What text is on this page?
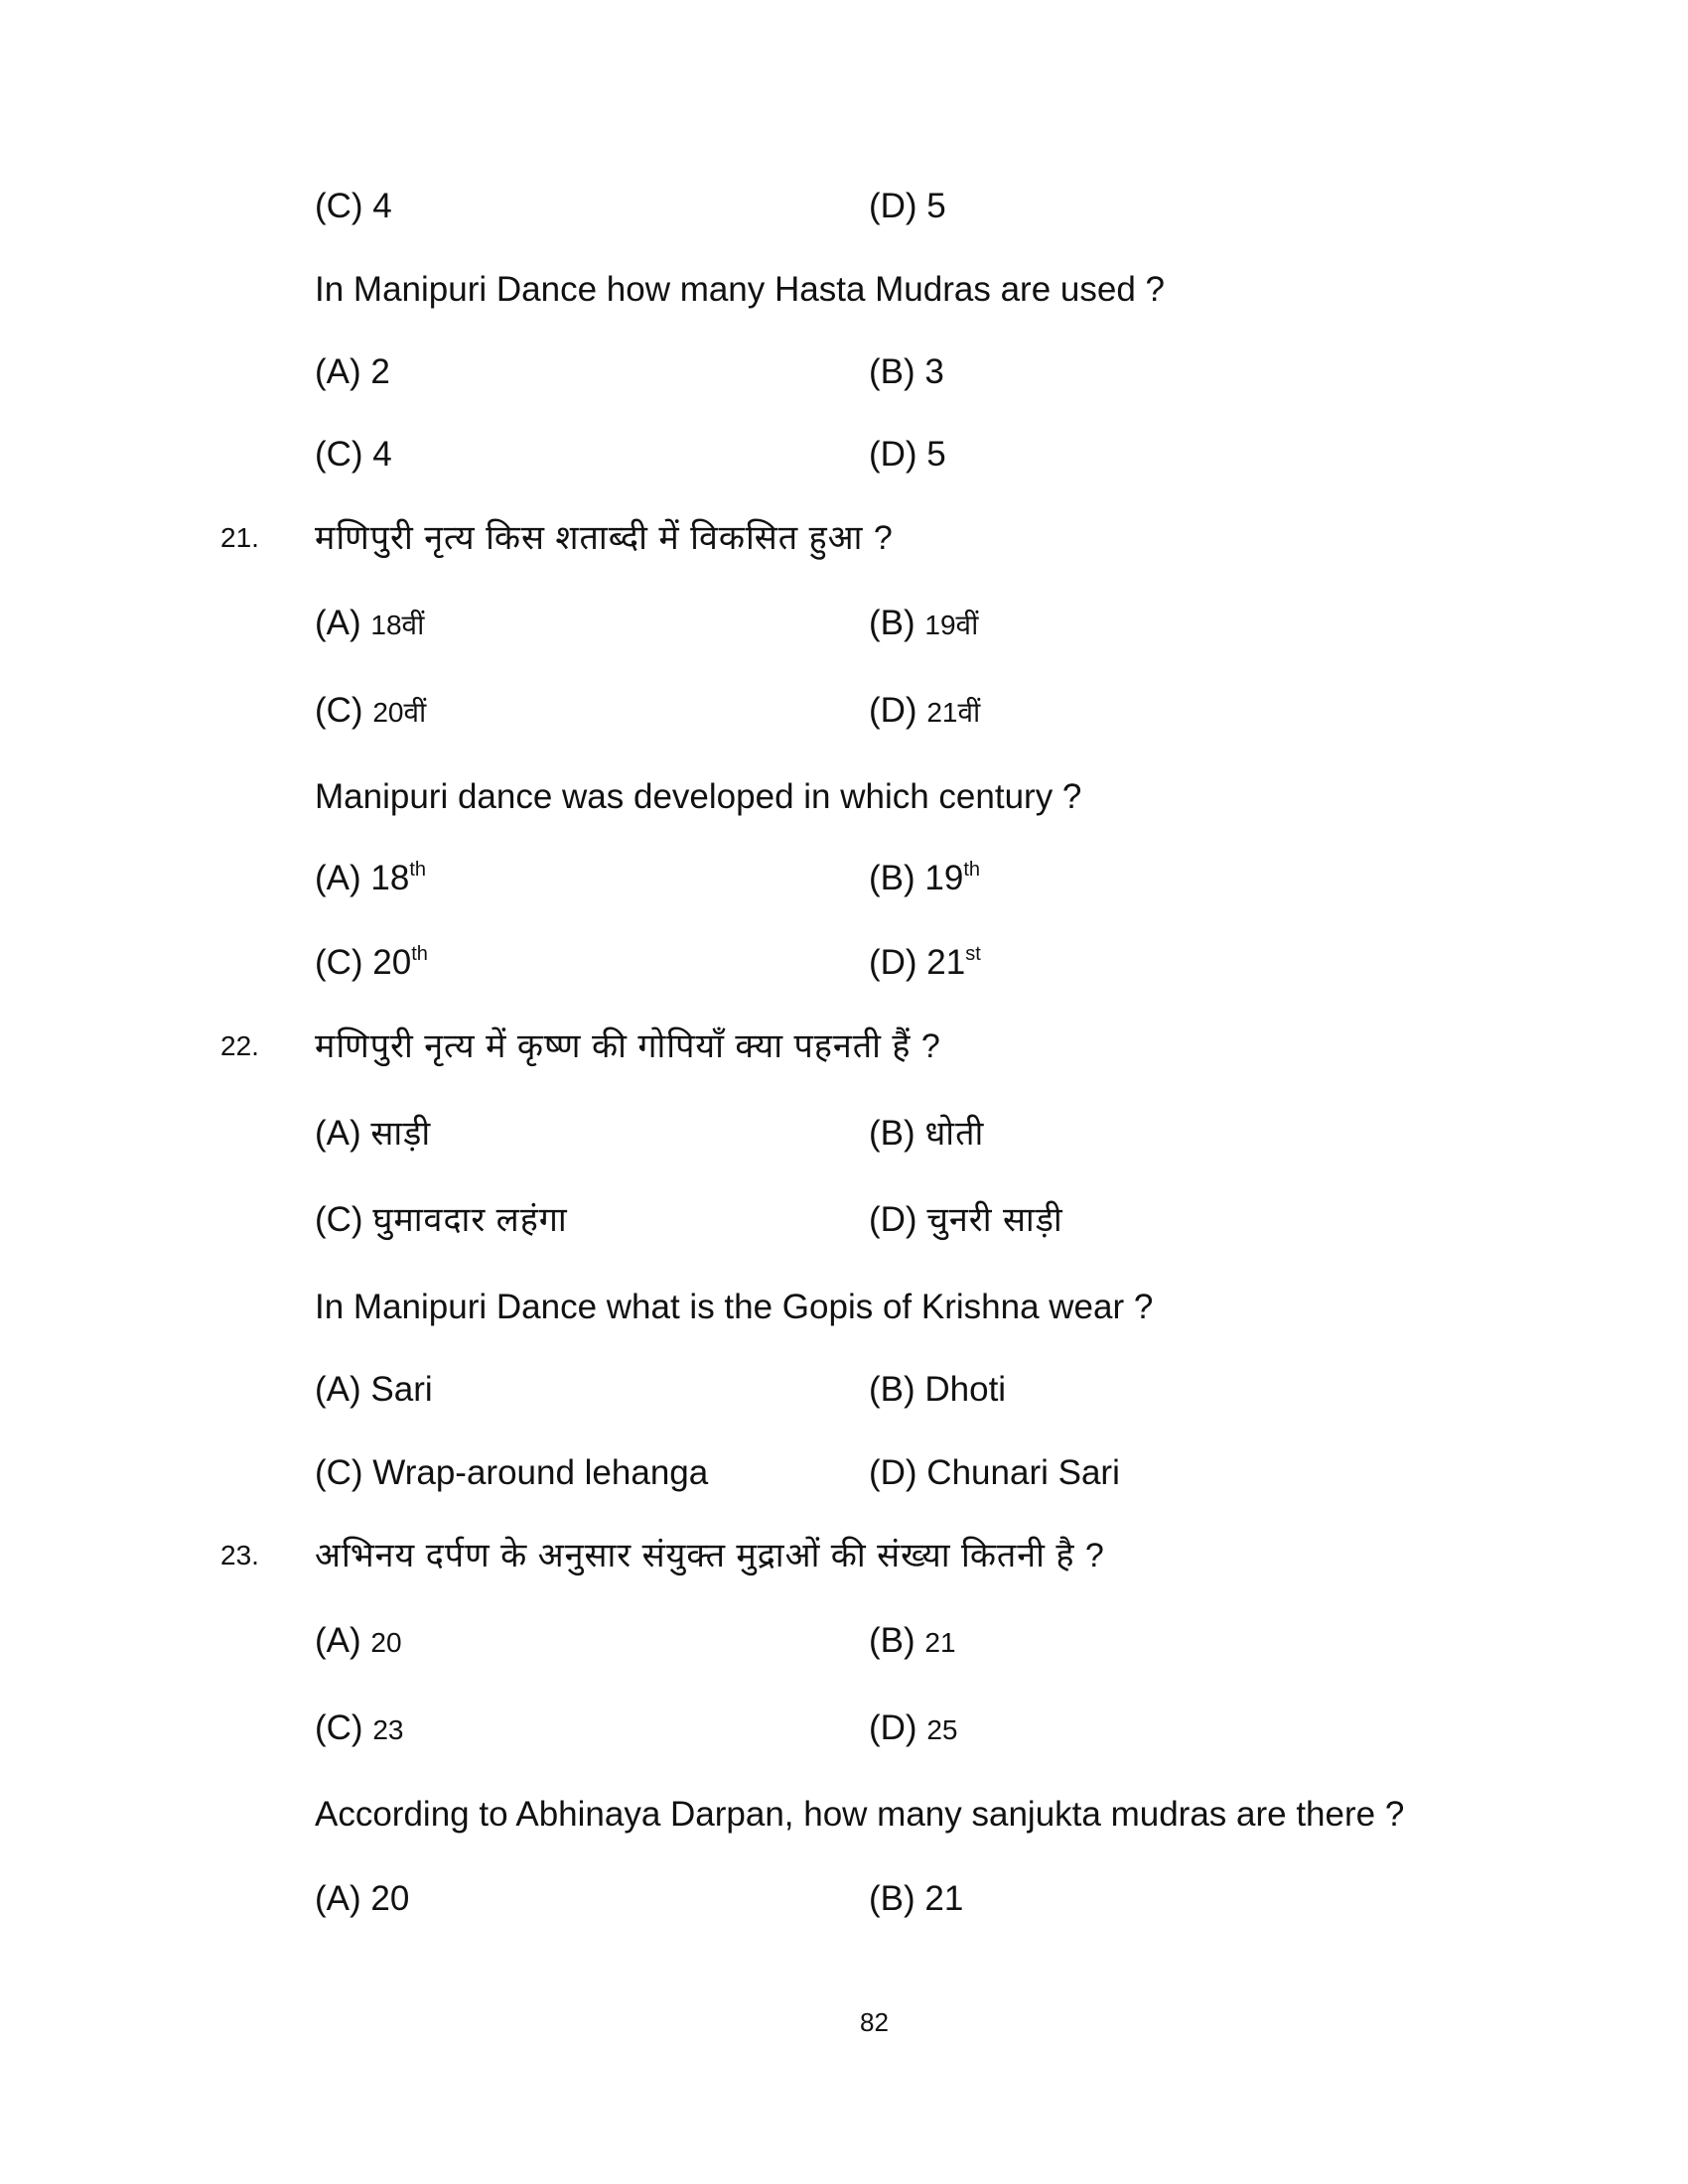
(C) 4	(D) 5
In Manipuri Dance how many Hasta Mudras are used ?
(A) 2	(B) 3
(C) 4	(D) 5
21. मणिपुरी नृत्य किस शताब्दी में विकसित हुआ ?
(A) 18वीं	(B) 19वीं
(C) 20वीं	(D) 21वीं
Manipuri dance was developed in which century ?
(A) 18th	(B) 19th
(C) 20th	(D) 21st
22. मणिपुरी नृत्य में कृष्ण की गोपियाँ क्या पहनती हैं ?
(A) साड़ी	(B) धोती
(C) घुमावदार लहंगा	(D) चुनरी साड़ी
In Manipuri Dance what is the Gopis of Krishna wear ?
(A) Sari	(B) Dhoti
(C) Wrap-around lehanga	(D) Chunari Sari
23. अभिनय दर्पण के अनुसार संयुक्त मुद्राओं की संख्या कितनी है ?
(A) 20	(B) 21
(C) 23	(D) 25
According to Abhinaya Darpan, how many sanjukta mudras are there ?
(A) 20	(B) 21
82
